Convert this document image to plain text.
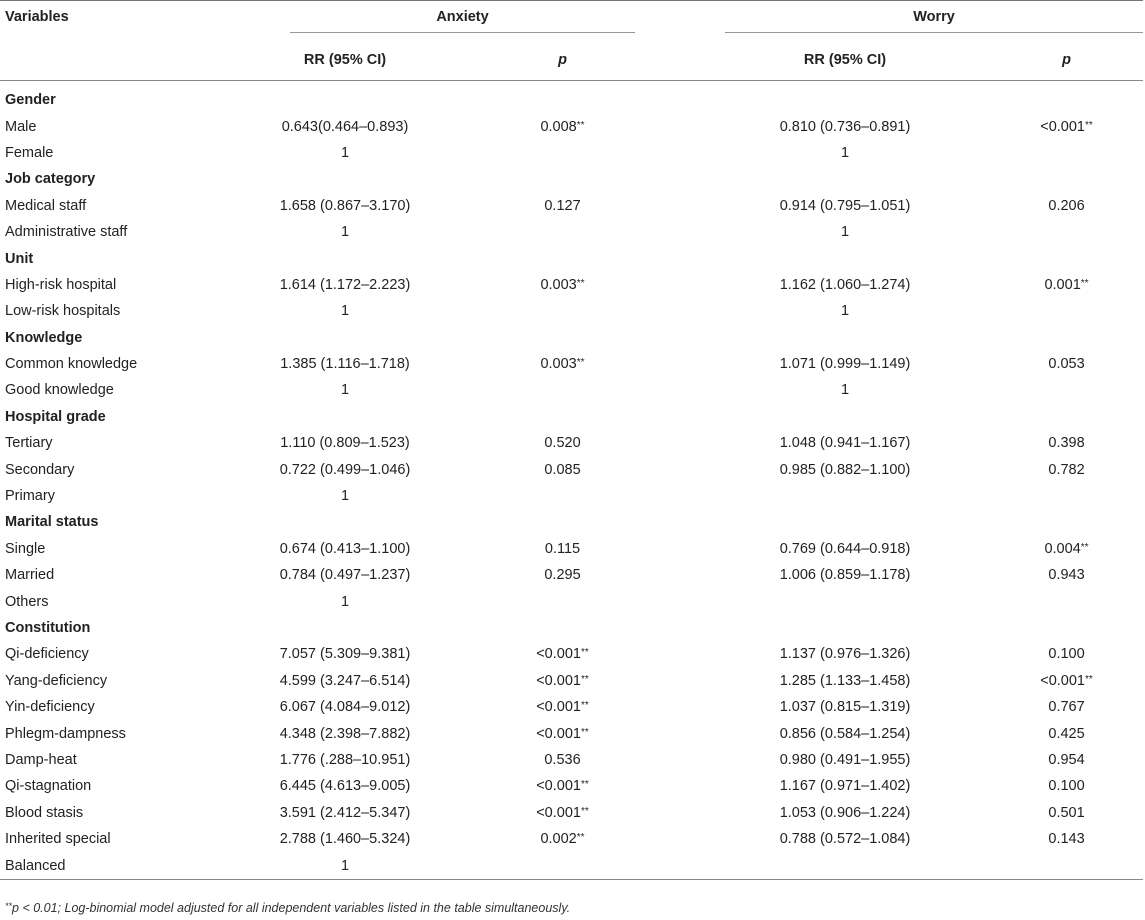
Variables	Anxiety			Worry	

	RR (95% CI)	p		RR (95% CI)	p

Gender					
Male	0.643(0.464–0.893)	0.008**		0.810 (0.736–0.891)	<0.001**
Female	1			1	
Job category					
Medical staff	1.658 (0.867–3.170)	0.127		0.914 (0.795–1.051)	0.206
Administrative staff	1			1	
Unit					
High-risk hospital	1.614 (1.172–2.223)	0.003**		1.162 (1.060–1.274)	0.001**
Low-risk hospitals	1			1	
Knowledge					
Common knowledge	1.385 (1.116–1.718)	0.003**		1.071 (0.999–1.149)	0.053
Good knowledge	1			1	
Hospital grade					
Tertiary	1.110 (0.809–1.523)	0.520		1.048 (0.941–1.167)	0.398
Secondary	0.722 (0.499–1.046)	0.085		0.985 (0.882–1.100)	0.782
Primary	1				
Marital status					
Single	0.674 (0.413–1.100)	0.115		0.769 (0.644–0.918)	0.004**
Married	0.784 (0.497–1.237)	0.295		1.006 (0.859–1.178)	0.943
Others	1				
Constitution					
Qi-deficiency	7.057 (5.309–9.381)	<0.001**		1.137 (0.976–1.326)	0.100
Yang-deficiency	4.599 (3.247–6.514)	<0.001**		1.285 (1.133–1.458)	<0.001**
Yin-deficiency	6.067 (4.084–9.012)	<0.001**		1.037 (0.815–1.319)	0.767
Phlegm-dampness	4.348 (2.398–7.882)	<0.001**		0.856 (0.584–1.254)	0.425
Damp-heat	1.776 (.288–10.951)	0.536		0.980 (0.491–1.955)	0.954
Qi-stagnation	6.445 (4.613–9.005)	<0.001**		1.167 (0.971–1.402)	0.100
Blood stasis	3.591 (2.412–5.347)	<0.001**		1.053 (0.906–1.224)	0.501
Inherited special	2.788 (1.460–5.324)	0.002**		0.788 (0.572–1.084)	0.143
Balanced	1				
**p < 0.01; Log-binomial model adjusted for all independent variables listed in the table simultaneously.
